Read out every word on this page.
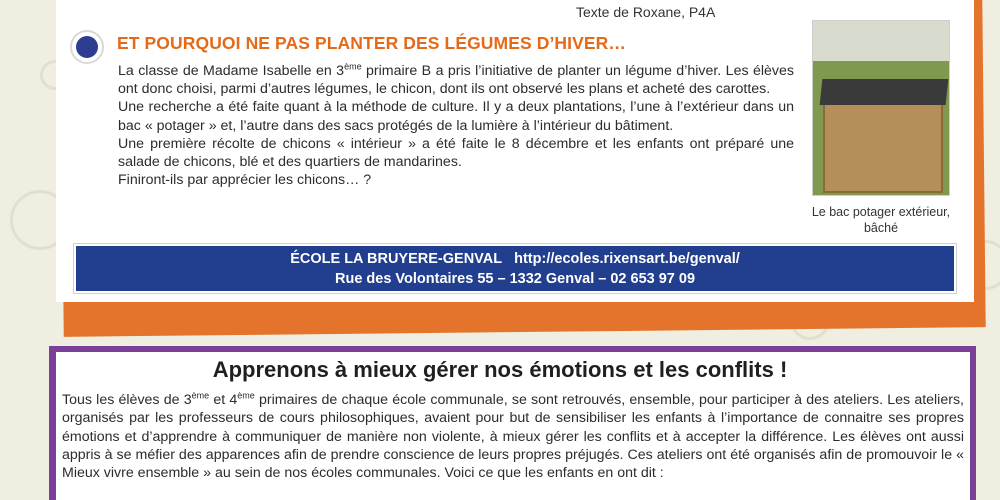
Texte de Roxane, P4A
ET POURQUOI NE PAS PLANTER DES LÉGUMES D’HIVER…

La classe de Madame Isabelle en 3ème primaire B a pris l’initiative de planter un légume d’hiver. Les élèves ont donc choisi, parmi d’autres légumes, le chicon, dont ils ont observé les plans et acheté des carottes.

Une recherche a été faite quant à la méthode de culture. Il y a deux plantations, l’une à l’extérieur dans un bac « potager » et, l’autre dans des sacs protégés de la lumière à l’intérieur du bâtiment.

Une première récolte de chicons « intérieur » a été faite le 8 décembre et les enfants ont préparé une salade de chicons, blé et des quartiers de mandarines.

Finiront-ils par apprécier les chicons… ?

Le bac potager extérieur, bâché
ÉCOLE LA BRUYERE-GENVAL http://ecoles.rixensart.be/genval/
Rue des Volontaires 55 – 1332 Genval – 02 653 97 09
Apprenons à mieux gérer nos émotions et les conflits !
Tous les élèves de 3ème et 4ème primaires de chaque école communale, se sont retrouvés, ensemble, pour participer à des ateliers. Les ateliers, organisés par les professeurs de cours philosophiques, avaient pour but de sensibiliser les enfants à l’importance de connaitre ses propres émotions et d’apprendre à communiquer de manière non violente, à mieux gérer les conflits et à accepter la différence. Les élèves ont aussi appris à se méfier des apparences afin de prendre conscience de leurs propres préjugés. Ces ateliers ont été organisés afin de promouvoir le « Mieux vivre ensemble » au sein de nos écoles communales. Voici ce que les enfants en ont dit :
